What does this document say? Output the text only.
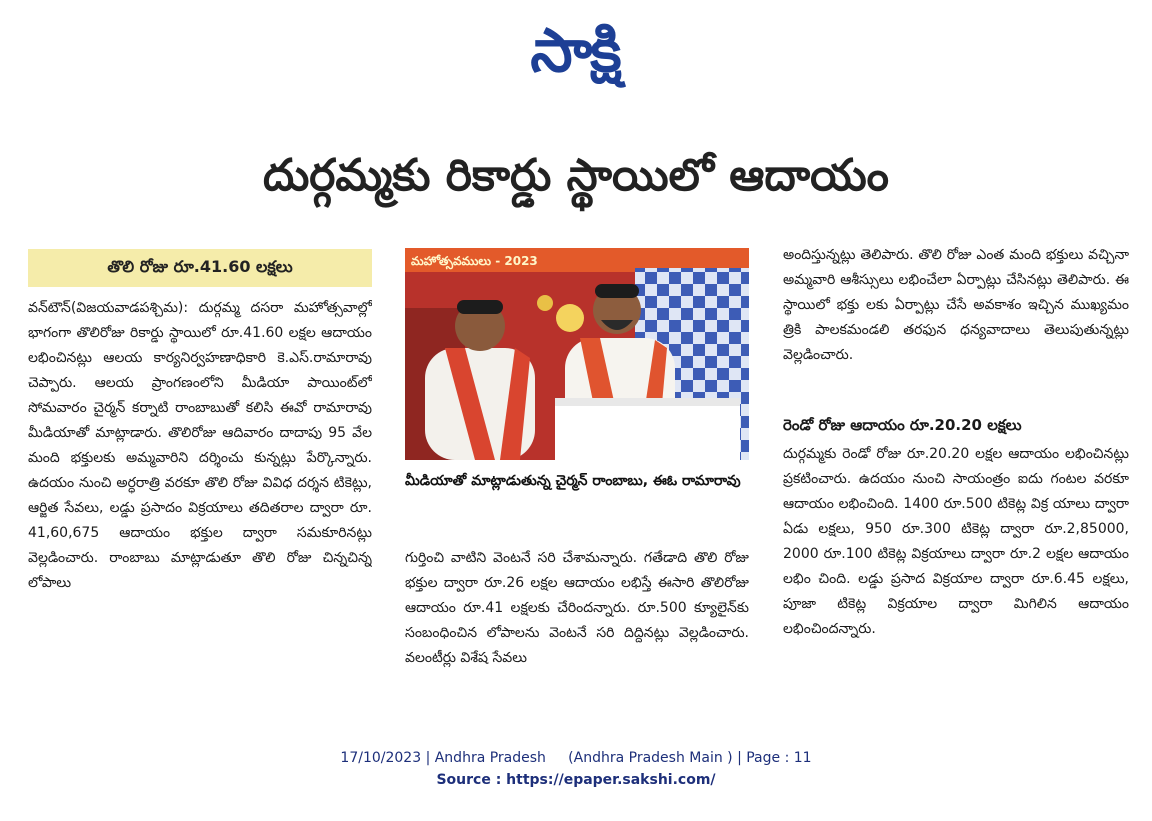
సాక్షి
దుర్గమ్మకు రికార్డు స్థాయిలో ఆదాయం
తొలి రోజు రూ.41.60 లక్షలు
వన్‌టౌన్(విజయవాడపశ్చిమ): దుర్గమ్మ దసరా మహోత్సవాల్లో భాగంగా తొలిరోజు రికార్డు స్థాయిలో రూ.41.60 లక్షల ఆదాయం లభించినట్లు ఆలయ కార్యనిర్వహణాధికారి కె.ఎస్.రామారావు చెప్పారు. ఆలయ ప్రాంగణంలోని మీడియా పాయింట్‌లో సోమవారం చైర్మన్ కర్నాటి రాంబాబుతో కలిసి ఈవో రామారావు మీడియాతో మాట్లాడారు. తొలిరోజు ఆదివారం దాదాపు 95 వేల మంది భక్తులకు అమ్మవారిని దర్శించు కున్నట్లు పేర్కొన్నారు. ఉదయం నుంచి అర్ధరాత్రి వరకూ తొలి రోజు వివిధ దర్శన టికెట్లు, ఆర్జిత సేవలు, లడ్డు ప్రసాదం విక్రయాలు తదితరాల ద్వారా రూ. 41,60,675 ఆదాయం భక్తుల ద్వారా సమకూరినట్లు వెల్లడించారు. రాంబాబు మాట్లాడుతూ తొలి రోజు చిన్నచిన్న లోపాలు
మహోత్సవములు - 2023
మీడియాతో మాట్లాడుతున్న చైర్మన్ రాంబాబు, ఈఓ రామారావు
గుర్తించి వాటిని వెంటనే సరి చేశామన్నారు. గతేడాది తొలి రోజు భక్తుల ద్వారా రూ.26 లక్షల ఆదాయం లభిస్తే ఈసారి తొలిరోజు ఆదాయం రూ.41 లక్షలకు చేరిందన్నారు. రూ.500 క్యూలైన్‌కు సంబంధించిన లోపాలను వెంటనే సరి దిద్దినట్లు వెల్లడించారు. వలంటీర్లు విశేష సేవలు
అందిస్తున్నట్లు తెలిపారు. తొలి రోజు ఎంత మంది భక్తులు వచ్చినా అమ్మవారి ఆశీస్సులు లభించేలా ఏర్పాట్లు చేసినట్లు తెలిపారు. ఈ స్థాయిలో భక్తు లకు ఏర్పాట్లు చేసే అవకాశం ఇచ్చిన ముఖ్యమం త్రికి పాలకమండలి తరఫున ధన్యవాదాలు తెలుపుతున్నట్లు వెల్లడించారు.
రెండో రోజు ఆదాయం రూ.20.20 లక్షలు
దుర్గమ్మకు రెండో రోజు రూ.20.20 లక్షల ఆదాయం లభించినట్లు ప్రకటించారు. ఉదయం నుంచి సాయంత్రం ఐదు గంటల వరకూ ఆదాయం లభించింది. 1400 రూ.500 టికెట్ల విక్ర యాలు ద్వారా ఏడు లక్షలు, 950 రూ.300 టికెట్ల ద్వారా రూ.2,85000, 2000 రూ.100 టికెట్ల విక్రయాలు ద్వారా రూ.2 లక్షల ఆదాయం లభిం చింది. లడ్డు ప్రసాద విక్రయాల ద్వారా రూ.6.45 లక్షలు, పూజా టికెట్ల విక్రయాల ద్వారా మిగిలిన ఆదాయం లభించిందన్నారు.
17/10/2023 | Andhra Pradesh     (Andhra Pradesh Main ) | Page : 11
Source : https://epaper.sakshi.com/
